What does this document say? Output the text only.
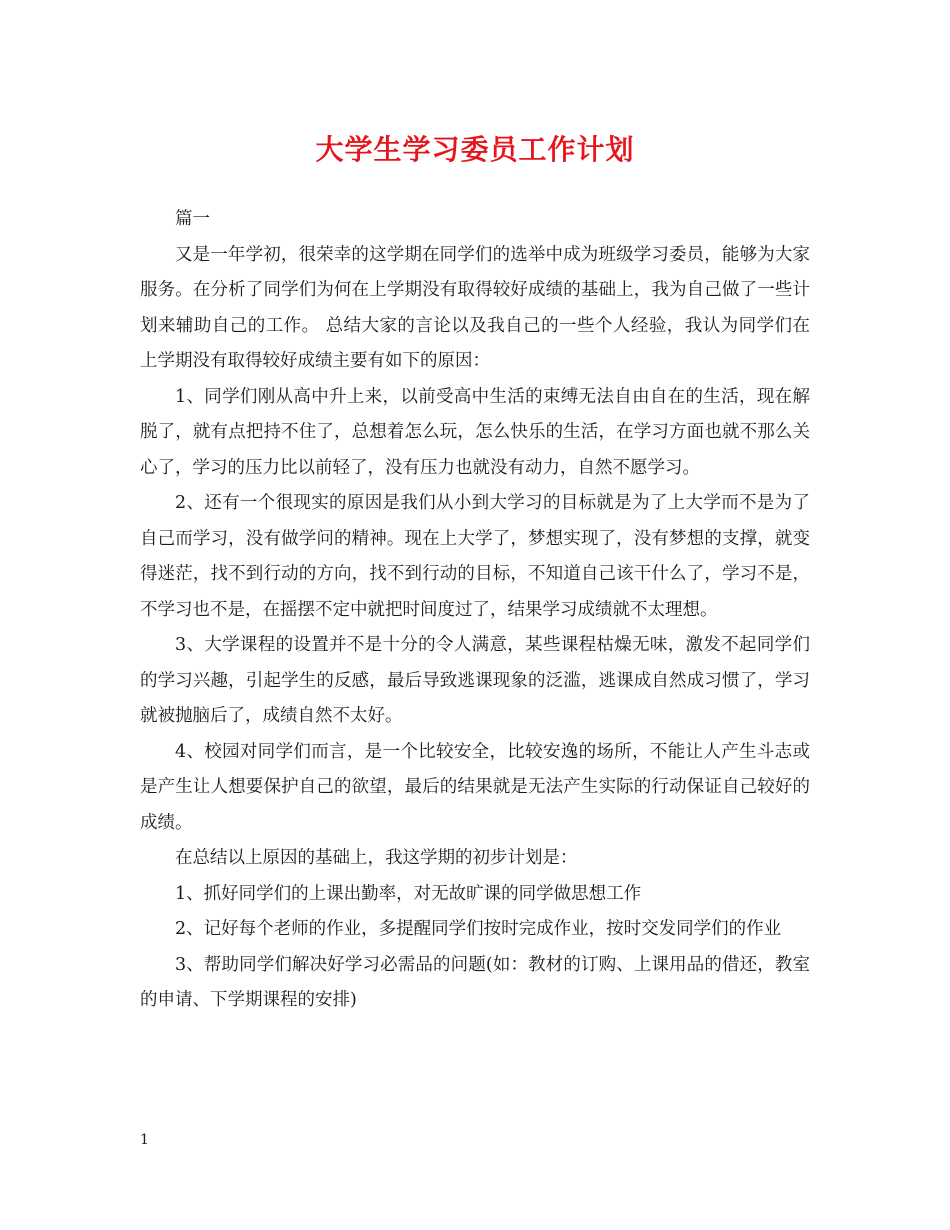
大学生学习委员工作计划

篇一

又是一年学初，很荣幸的这学期在同学们的选举中成为班级学习委员，能够为大家服务。在分析了同学们为何在上学期没有取得较好成绩的基础上，我为自己做了一些计划来辅助自己的工作。 总结大家的言论以及我自己的一些个人经验，我认为同学们在上学期没有取得较好成绩主要有如下的原因：

1、同学们刚从高中升上来，以前受高中生活的束缚无法自由自在的生活，现在解脱了，就有点把持不住了，总想着怎么玩，怎么快乐的生活，在学习方面也就不那么关心了，学习的压力比以前轻了，没有压力也就没有动力，自然不愿学习。

2、还有一个很现实的原因是我们从小到大学习的目标就是为了上大学而不是为了自己而学习，没有做学问的精神。现在上大学了，梦想实现了，没有梦想的支撑，就变得迷茫，找不到行动的方向，找不到行动的目标，不知道自己该干什么了，学习不是，不学习也不是，在摇摆不定中就把时间度过了，结果学习成绩就不太理想。

3、大学课程的设置并不是十分的令人满意，某些课程枯燥无味，激发不起同学们的学习兴趣，引起学生的反感，最后导致逃课现象的泛滥，逃课成自然成习惯了，学习就被抛脑后了，成绩自然不太好。

4、校园对同学们而言，是一个比较安全，比较安逸的场所，不能让人产生斗志或是产生让人想要保护自己的欲望，最后的结果就是无法产生实际的行动保证自己较好的成绩。

在总结以上原因的基础上，我这学期的初步计划是：

1、抓好同学们的上课出勤率，对无故旷课的同学做思想工作

2、记好每个老师的作业，多提醒同学们按时完成作业，按时交发同学们的作业

3、帮助同学们解决好学习必需品的问题(如：教材的订购、上课用品的借还，教室的申请、下学期课程的安排)

1
